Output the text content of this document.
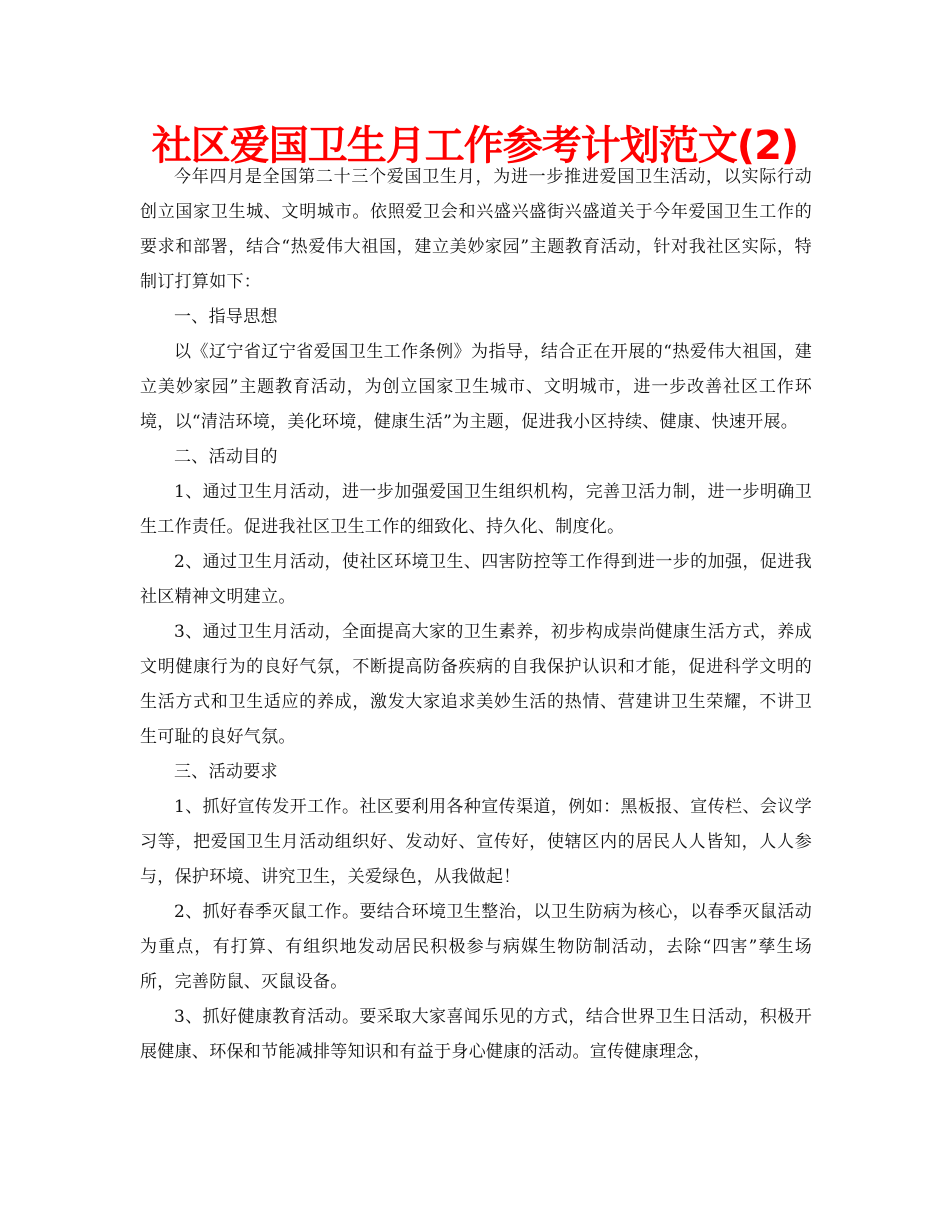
社区爱国卫生月工作参考计划范文(2)

今年四月是全国第二十三个爱国卫生月，为进一步推进爱国卫生活动，以实际行动创立国家卫生城、文明城市。依照爱卫会和兴盛兴盛街兴盛道关于今年爱国卫生工作的要求和部署，结合“热爱伟大祖国，建立美妙家园”主题教育活动，针对我社区实际，特制订打算如下：

一、指导思想

以《辽宁省辽宁省爱国卫生工作条例》为指导，结合正在开展的“热爱伟大祖国，建立美妙家园”主题教育活动，为创立国家卫生城市、文明城市，进一步改善社区工作环境，以“清洁环境，美化环境，健康生活”为主题，促进我小区持续、健康、快速开展。

二、活动目的

1、通过卫生月活动，进一步加强爱国卫生组织机构，完善卫活力制，进一步明确卫生工作责任。促进我社区卫生工作的细致化、持久化、制度化。

2、通过卫生月活动，使社区环境卫生、四害防控等工作得到进一步的加强，促进我社区精神文明建立。

3、通过卫生月活动，全面提高大家的卫生素养，初步构成崇尚健康生活方式，养成文明健康行为的良好气氛，不断提高防备疾病的自我保护认识和才能，促进科学文明的生活方式和卫生适应的养成，激发大家追求美妙生活的热情、营建讲卫生荣耀，不讲卫生可耻的良好气氛。

三、活动要求

1、抓好宣传发开工作。社区要利用各种宣传渠道，例如：黑板报、宣传栏、会议学习等，把爱国卫生月活动组织好、发动好、宣传好，使辖区内的居民人人皆知，人人参与，保护环境、讲究卫生，关爱绿色，从我做起！

2、抓好春季灭鼠工作。要结合环境卫生整治，以卫生防病为核心，以春季灭鼠活动为重点，有打算、有组织地发动居民积极参与病媒生物防制活动，去除“四害”孳生场所，完善防鼠、灭鼠设备。

3、抓好健康教育活动。要采取大家喜闻乐见的方式，结合世界卫生日活动，积极开展健康、环保和节能减排等知识和有益于身心健康的活动。宣传健康理念，
